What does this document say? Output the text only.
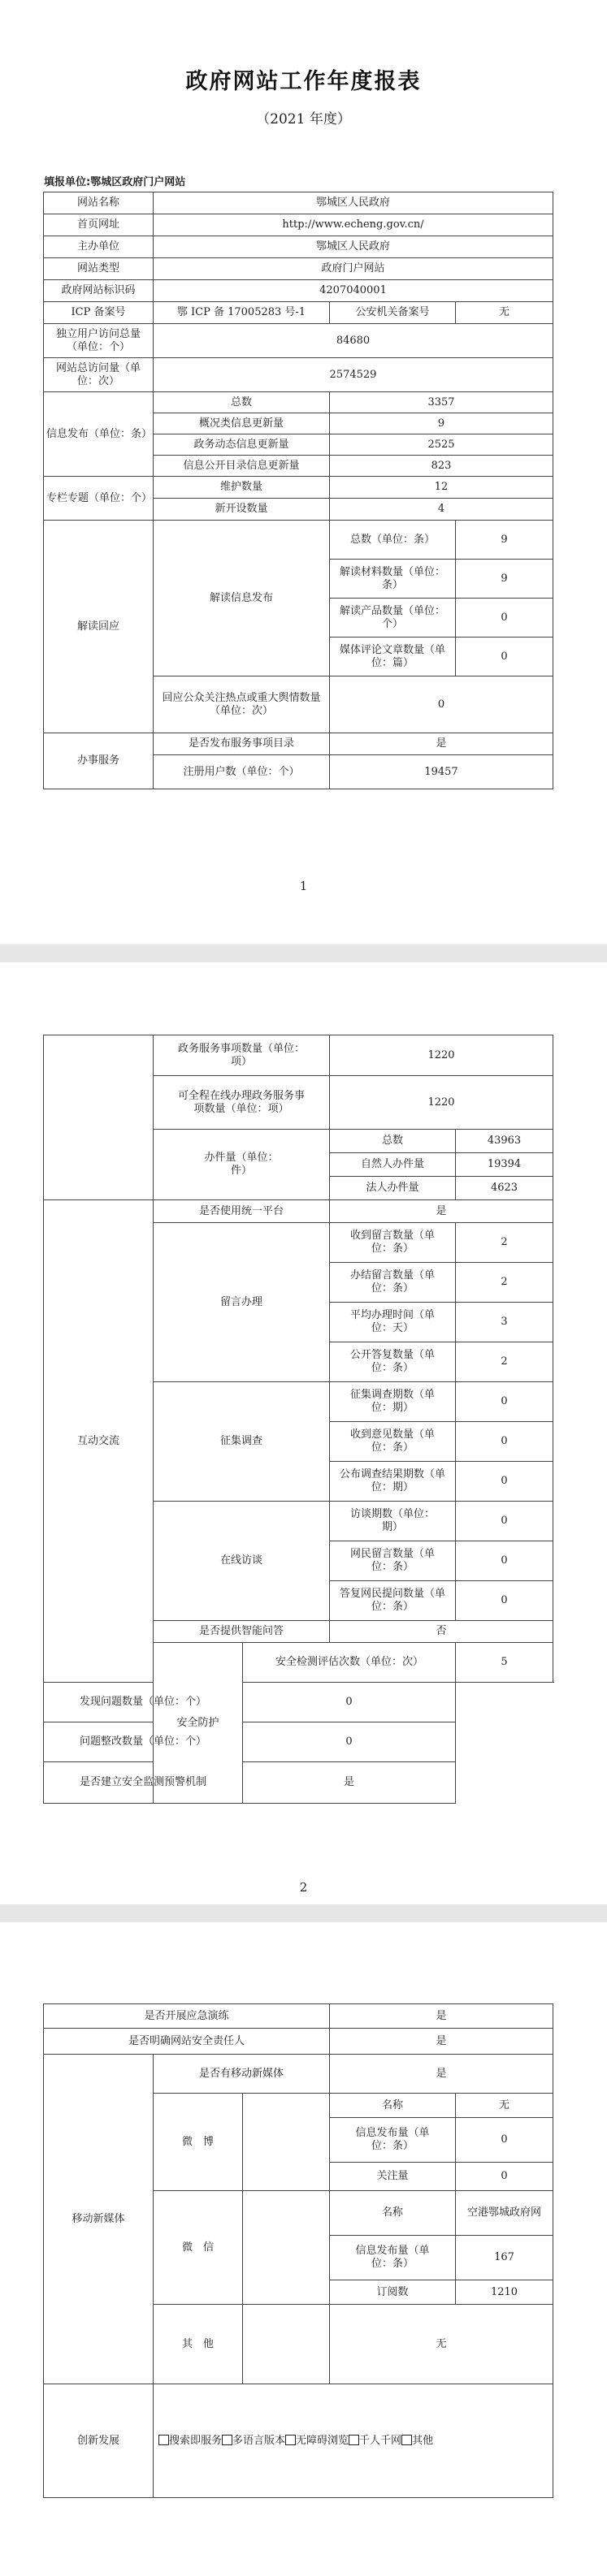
政府网站工作年度报表
（2021 年度）
填报单位:鄂城区政府门户网站
网站名称	鄂城区人民政府		
首页网址	http://www.echeng.gov.cn/		
主办单位	鄂城区人民政府		
网站类型	政府门户网站		
政府网站标识码	4207040001		
ICP 备案号	鄂 ICP 备 17005283 号-1	公安机关备案号	无
独立用户访问总量（单位：个）	84680		
网站总访问量（单位：次）	2574529		
信息发布（单位：条）	总数	3357	
	概况类信息更新量	9	
	政务动态信息更新量	2525	
	信息公开目录信息更新量	823	
专栏专题（单位：个）	维护数量	12	
	新开设数量	4	
解读回应	解读信息发布	总数（单位：条）	9
		解读材料数量（单位：条）	9
		解读产品数量（单位：个）	0
		媒体评论文章数量（单位：篇）	0
	回应公众关注热点或重大舆情数量（单位：次）	0	
办事服务	是否发布服务事项目录	是	
	注册用户数（单位：个）	19457	
1
	政务服务事项数量（单位：项）		1220	
	可全程在线办理政务服务事项数量（单位：项）		1220	
	办件量（单位：件）		总数	43963
			自然人办件量	19394
			法人办件量	4623
互动交流	是否使用统一平台		是	
	留言办理		收到留言数量（单位：条）	2
			办结留言数量（单位：条）	2
			平均办理时间（单位：天）	3
			公开答复数量（单位：条）	2
	征集调查		征集调查期数（单位：期）	0
			收到意见数量（单位：条）	0
			公布调查结果期数（单位：期）	0
	在线访谈		访谈期数（单位：期）	0
			网民留言数量（单位：条）	0
			答复网民提问数量（单位：条）	0
	是否提供智能问答		否	
	安全防护	安全检测评估次数（单位：次）		5
发现问题数量（单位：个）		0		
问题整改数量（单位：个）		0		
是否建立安全监测预警机制		是		
2
是否开展应急演练			是	
是否明确网站安全责任人			是	
移动新媒体	是否有移动新媒体		是	
	微　博		名称	无
			信息发布量（单位：条）	0
			关注量	0
	微　信		名称	空港鄂城政府网
			信息发布量（单位：条）	167
			订阅数	1210
	其　他		无	
创新发展	搜索即服务 多语言版本 无障碍浏览 千人千网 其他			
